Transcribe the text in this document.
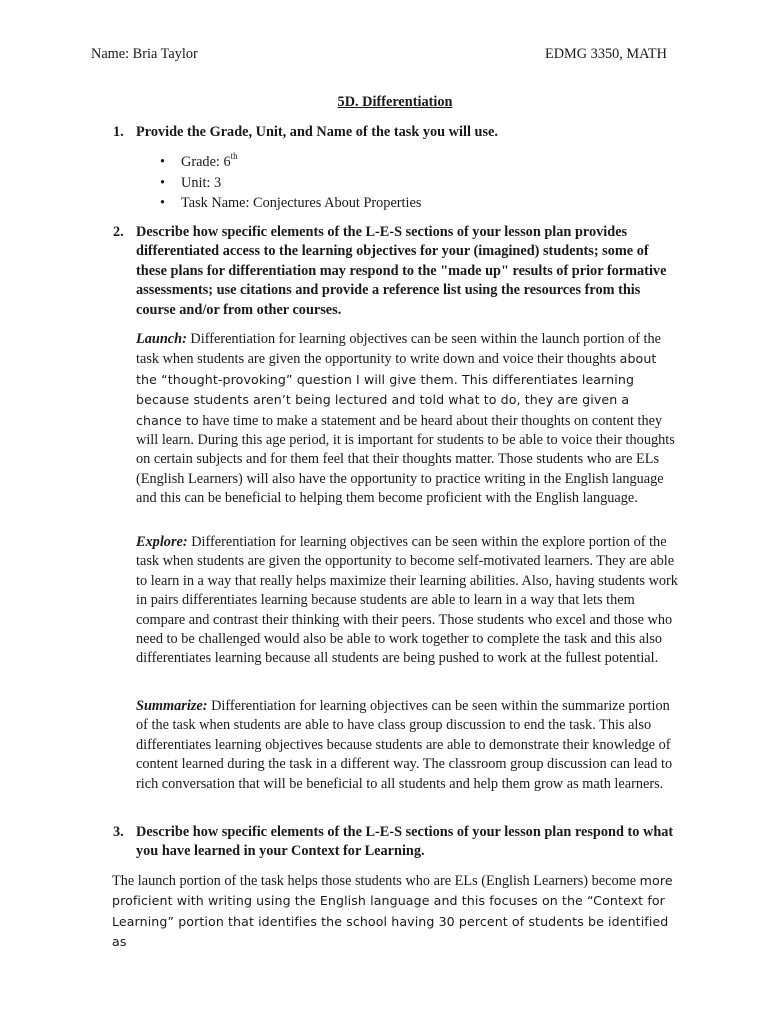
Name: Bria Taylor	EDMG 3350, MATH
5D. Differentiation
1. Provide the Grade, Unit, and Name of the task you will use.
• Grade: 6th
• Unit: 3
• Task Name: Conjectures About Properties
2. Describe how specific elements of the L-E-S sections of your lesson plan provides differentiated access to the learning objectives for your (imagined) students; some of these plans for differentiation may respond to the "made up" results of prior formative assessments; use citations and provide a reference list using the resources from this course and/or from other courses.
Launch: Differentiation for learning objectives can be seen within the launch portion of the task when students are given the opportunity to write down and voice their thoughts about the “thought-provoking” question I will give them. This differentiates learning because students aren’t being lectured and told what to do, they are given a chance to have time to make a statement and be heard about their thoughts on content they will learn. During this age period, it is important for students to be able to voice their thoughts on certain subjects and for them feel that their thoughts matter. Those students who are ELs (English Learners) will also have the opportunity to practice writing in the English language and this can be beneficial to helping them become proficient with the English language.
Explore: Differentiation for learning objectives can be seen within the explore portion of the task when students are given the opportunity to become self-motivated learners. They are able to learn in a way that really helps maximize their learning abilities. Also, having students work in pairs differentiates learning because students are able to learn in a way that lets them compare and contrast their thinking with their peers. Those students who excel and those who need to be challenged would also be able to work together to complete the task and this also differentiates learning because all students are being pushed to work at the fullest potential.
Summarize: Differentiation for learning objectives can be seen within the summarize portion of the task when students are able to have class group discussion to end the task. This also differentiates learning objectives because students are able to demonstrate their knowledge of content learned during the task in a different way. The classroom group discussion can lead to rich conversation that will be beneficial to all students and help them grow as math learners.
3. Describe how specific elements of the L-E-S sections of your lesson plan respond to what you have learned in your Context for Learning.
The launch portion of the task helps those students who are ELs (English Learners) become more proficient with writing using the English language and this focuses on the “Context for Learning” portion that identifies the school having 30 percent of students be identified as
